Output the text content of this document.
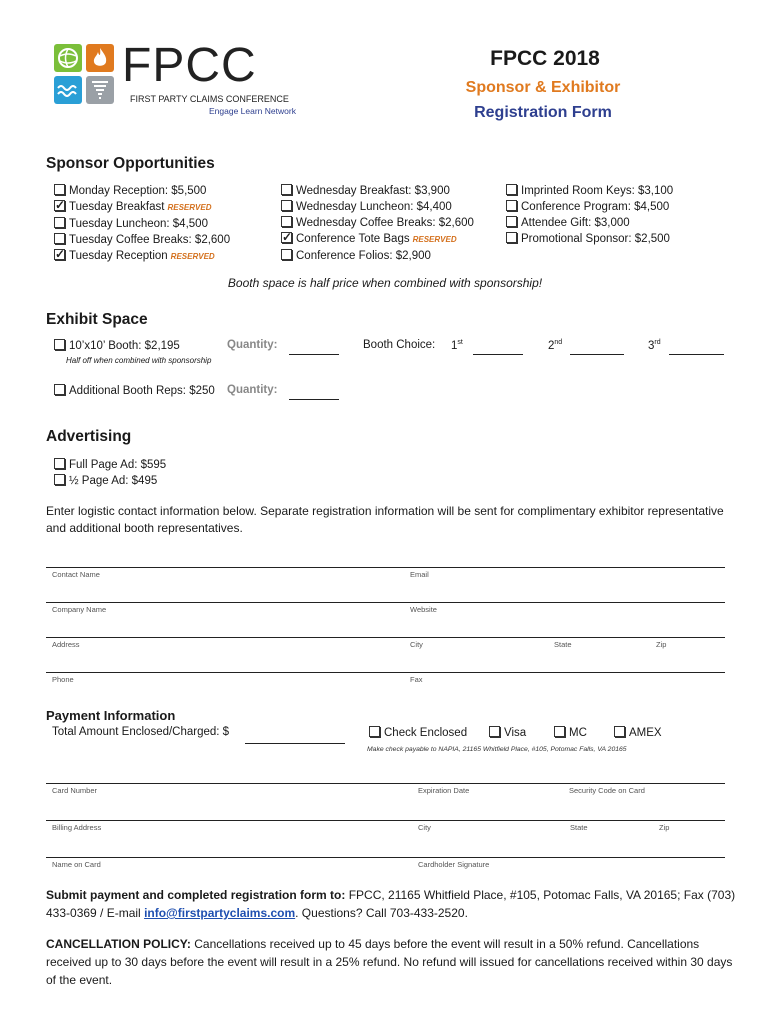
FPCC
FIRST PARTY CLAIMS CONFERENCE
Engage Learn Network
FPCC 2018
Sponsor & Exhibitor
Registration Form
Sponsor Opportunities
Monday Reception: $5,500
✓Tuesday Breakfast RESERVED
Tuesday Luncheon: $4,500
Tuesday Coffee Breaks: $2,600
✓Tuesday Reception RESERVED
Wednesday Breakfast: $3,900
Wednesday Luncheon: $4,400
Wednesday Coffee Breaks: $2,600
✓Conference Tote Bags RESERVED
Conference Folios: $2,900
Imprinted Room Keys: $3,100
Conference Program: $4,500
Attendee Gift: $3,000
Promotional Sponsor: $2,500
Booth space is half price when combined with sponsorship!
Exhibit Space
10’x10’ Booth: $2,195	Quantity:	Booth Choice: 1st	2nd	3rd
Half off when combined with sponsorship
Additional Booth Reps: $250 Quantity:
Advertising
Full Page Ad: $595
½ Page Ad: $495
Enter logistic contact information below. Separate registration information will be sent for complimentary exhibitor representative and additional booth representatives.
Contact Name	Email
Company Name	Website
Address	City	State	Zip
Phone	Fax
Payment Information
Total Amount Enclosed/Charged: $	Check Enclosed	Visa	MC	AMEX
Make check payable to NAPIA, 21165 Whitfield Place, #105, Potomac Falls, VA 20165
Card Number	Expiration Date	Security Code on Card
Billing Address	City	State	Zip
Name on Card	Cardholder Signature
Submit payment and completed registration form to: FPCC, 21165 Whitfield Place, #105, Potomac Falls, VA 20165; Fax (703) 433-0369 / E-mail info@firstpartyclaims.com. Questions? Call 703-433-2520.
CANCELLATION POLICY: Cancellations received up to 45 days before the event will result in a 50% refund. Cancellations received up to 30 days before the event will result in a 25% refund. No refund will issued for cancellations received within 30 days of the event.
